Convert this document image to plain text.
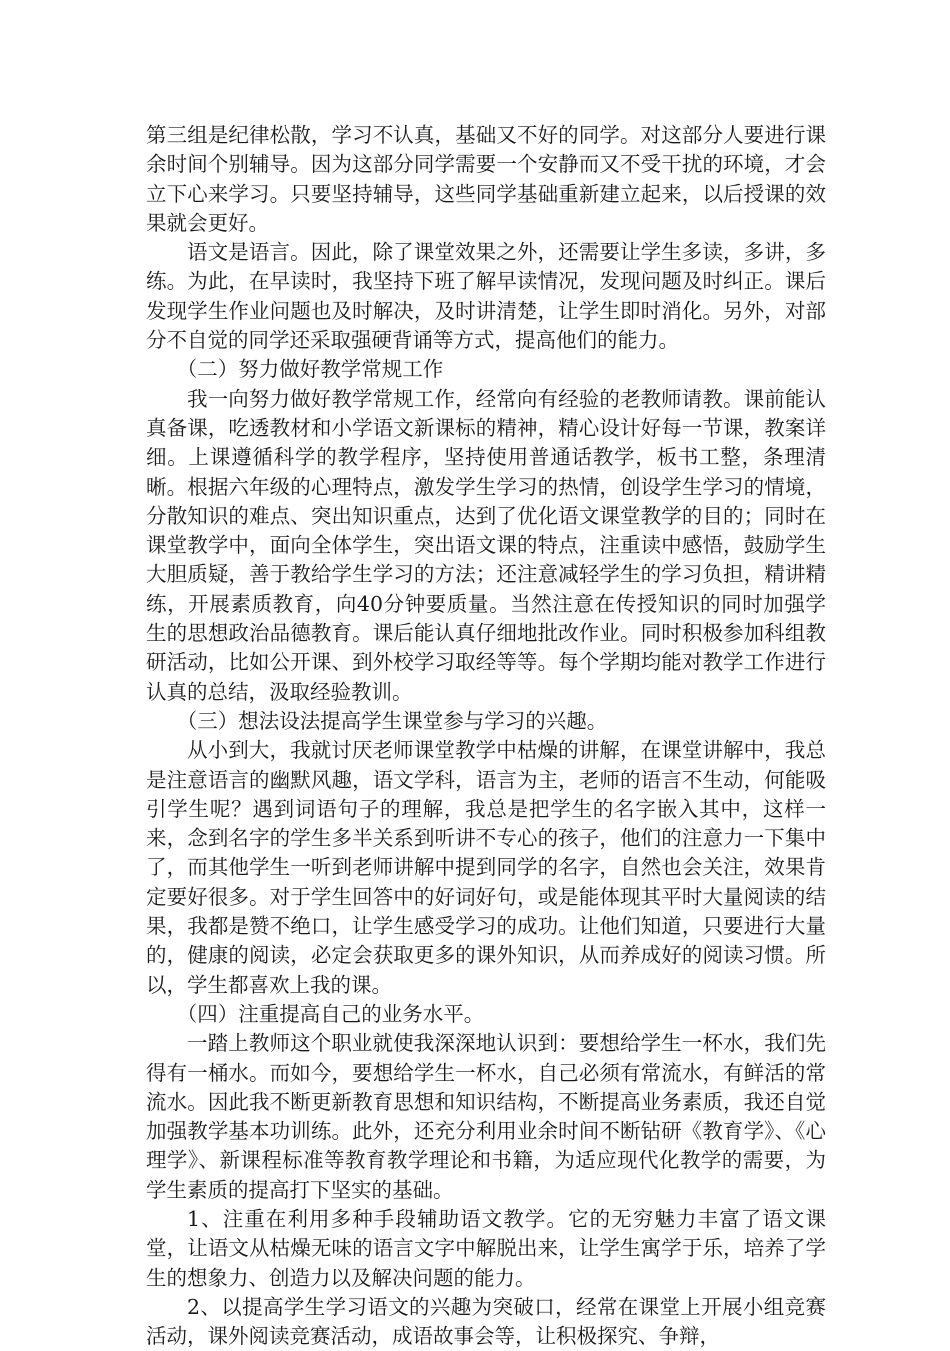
第三组是纪律松散，学习不认真，基础又不好的同学。对这部分人要进行课余时间个别辅导。因为这部分同学需要一个安静而又不受干扰的环境，才会立下心来学习。只要坚持辅导，这些同学基础重新建立起来，以后授课的效果就会更好。

语文是语言。因此，除了课堂效果之外，还需要让学生多读，多讲，多练。为此，在早读时，我坚持下班了解早读情况，发现问题及时纠正。课后发现学生作业问题也及时解决，及时讲清楚，让学生即时消化。另外，对部分不自觉的同学还采取强硬背诵等方式，提高他们的能力。

（二）努力做好教学常规工作

我一向努力做好教学常规工作，经常向有经验的老教师请教。课前能认真备课，吃透教材和小学语文新课标的精神，精心设计好每一节课，教案详细。上课遵循科学的教学程序，坚持使用普通话教学，板书工整，条理清晰。根据六年级的心理特点，激发学生学习的热情，创设学生学习的情境，分散知识的难点、突出知识重点，达到了优化语文课堂教学的目的；同时在课堂教学中，面向全体学生，突出语文课的特点，注重读中感悟，鼓励学生大胆质疑，善于教给学生学习的方法；还注意减轻学生的学习负担，精讲精练，开展素质教育，向40分钟要质量。当然注意在传授知识的同时加强学生的思想政治品德教育。课后能认真仔细地批改作业。同时积极参加科组教研活动，比如公开课、到外校学习取经等等。每个学期均能对教学工作进行认真的总结，汲取经验教训。

（三）想法设法提高学生课堂参与学习的兴趣。

从小到大，我就讨厌老师课堂教学中枯燥的讲解，在课堂讲解中，我总是注意语言的幽默风趣，语文学科，语言为主，老师的语言不生动，何能吸引学生呢？遇到词语句子的理解，我总是把学生的名字嵌入其中，这样一来，念到名字的学生多半关系到听讲不专心的孩子，他们的注意力一下集中了，而其他学生一听到老师讲解中提到同学的名字，自然也会关注，效果肯定要好很多。对于学生回答中的好词好句，或是能体现其平时大量阅读的结果，我都是赞不绝口，让学生感受学习的成功。让他们知道，只要进行大量的，健康的阅读，必定会获取更多的课外知识，从而养成好的阅读习惯。所以，学生都喜欢上我的课。

（四）注重提高自己的业务水平。

一踏上教师这个职业就使我深深地认识到：要想给学生一杯水，我们先得有一桶水。而如今，要想给学生一杯水，自己必须有常流水，有鲜活的常流水。因此我不断更新教育思想和知识结构，不断提高业务素质，我还自觉加强教学基本功训练。此外，还充分利用业余时间不断钻研《教育学》、《心理学》、新课程标准等教育教学理论和书籍，为适应现代化教学的需要，为学生素质的提高打下坚实的基础。

1、注重在利用多种手段辅助语文教学。它的无穷魅力丰富了语文课堂，让语文从枯燥无味的语言文字中解脱出来，让学生寓学于乐，培养了学生的想象力、创造力以及解决问题的能力。

2、以提高学生学习语文的兴趣为突破口，经常在课堂上开展小组竞赛活动，课外阅读竞赛活动，成语故事会等，让积极探究、争辩，
